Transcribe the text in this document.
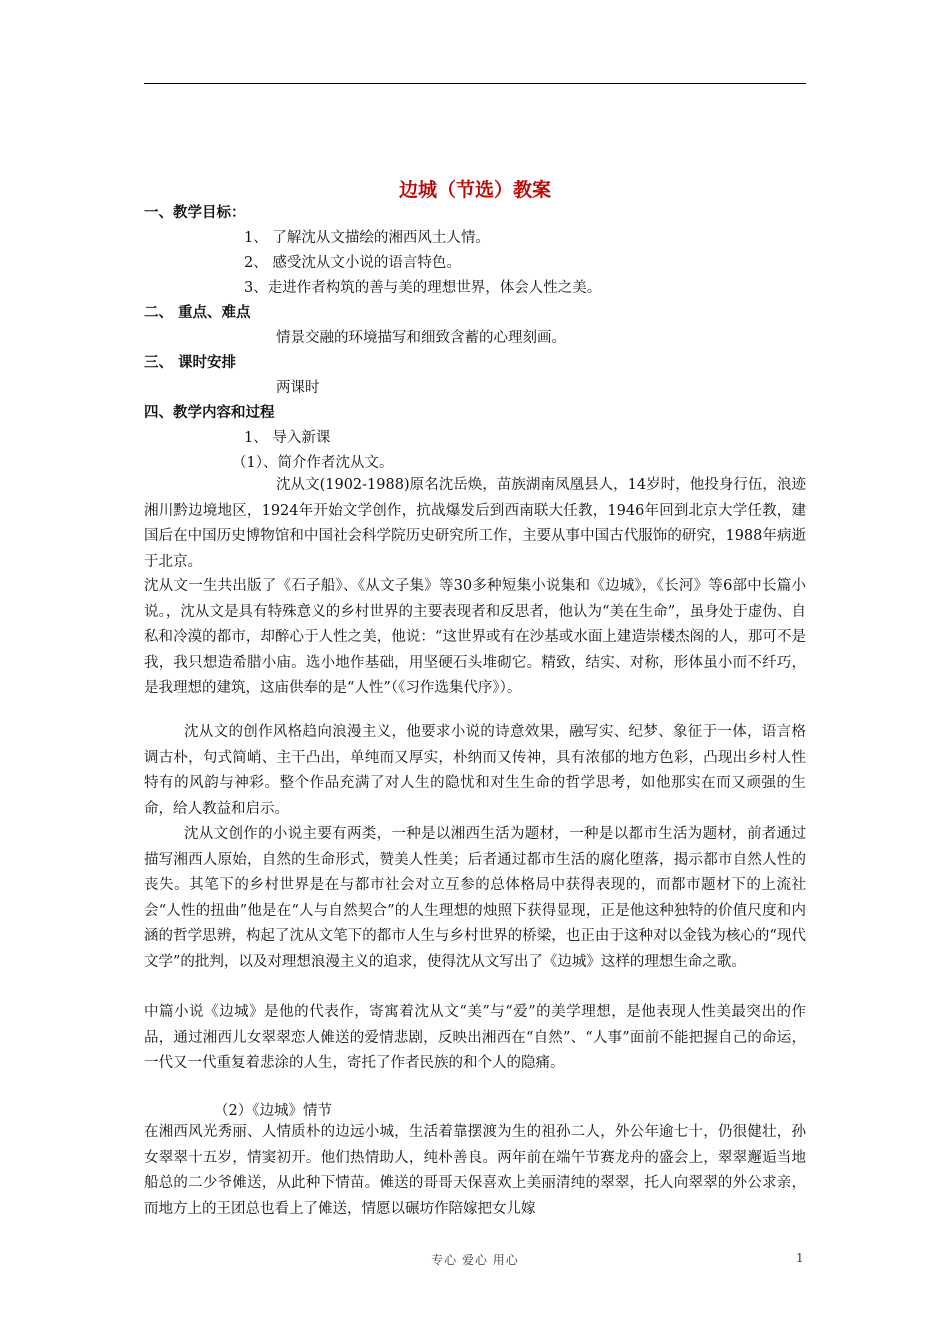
边城（节选）教案
一、教学目标：
1、 了解沈从文描绘的湘西风土人情。
2、 感受沈从文小说的语言特色。
3、走进作者构筑的善与美的理想世界，体会人性之美。
二、 重点、难点
情景交融的环境描写和细致含蓄的心理刻画。
三、 课时安排
两课时
四、教学内容和过程
1、 导入新课
（1）、简介作者沈从文。
沈从文(1902-1988)原名沈岳焕，苗族湖南凤凰县人，14岁时，他投身行伍，浪迹湘川黔边境地区，1924年开始文学创作，抗战爆发后到西南联大任教，1946年回到北京大学任教，建国后在中国历史博物馆和中国社会科学院历史研究所工作，主要从事中国古代服饰的研究，1988年病逝于北京。
沈从文一生共出版了《石子船》、《从文子集》等30多种短集小说集和《边城》，《长河》等6部中长篇小说。，沈从文是具有特殊意义的乡村世界的主要表现者和反思者，他认为“美在生命”，虽身处于虚伪、自私和冷漠的都市，却醉心于人性之美，他说：“这世界或有在沙基或水面上建造崇楼杰阁的人，那可不是我，我只想造希腊小庙。选小地作基础，用坚硬石头堆砌它。精致，结实、对称，形体虽小而不纤巧，是我理想的建筑，这庙供奉的是“人性”（《习作选集代序》）。
沈从文的创作风格趋向浪漫主义，他要求小说的诗意效果，融写实、纪梦、象征于一体，语言格调古朴，句式简峭、主干凸出，单纯而又厚实，朴纳而又传神，具有浓郁的地方色彩，凸现出乡村人性特有的风韵与神彩。整个作品充满了对人生的隐忧和对生生命的哲学思考，如他那实在而又顽强的生命，给人教益和启示。
沈从文创作的小说主要有两类，一种是以湘西生活为题材，一种是以都市生活为题材，前者通过描写湘西人原始，自然的生命形式，赞美人性美；后者通过都市生活的腐化堕落，揭示都市自然人性的丧失。其笔下的乡村世界是在与都市社会对立互参的总体格局中获得表现的，而都市题材下的上流社会“人性的扭曲”他是在“人与自然契合”的人生理想的烛照下获得显现，正是他这种独特的价值尺度和内涵的哲学思辨，构起了沈从文笔下的都市人生与乡村世界的桥梁，也正由于这种对以金钱为核心的“现代文学”的批判，以及对理想浪漫主义的追求，使得沈从文写出了《边城》这样的理想生命之歌。
中篇小说《边城》是他的代表作，寄寓着沈从文“美”与“爱”的美学理想，是他表现人性美最突出的作品，通过湘西儿女翠翠恋人傩送的爱情悲剧，反映出湘西在“自然”、“人事”面前不能把握自己的命运，一代又一代重复着悲涂的人生，寄托了作者民族的和个人的隐痛。
（2）《边城》情节
在湘西风光秀丽、人情质朴的边远小城，生活着靠摆渡为生的祖孙二人，外公年逾七十，仍很健壮，孙女翠翠十五岁，情窦初开。他们热情助人，纯朴善良。两年前在端午节赛龙舟的盛会上，翠翠邂逅当地船总的二少爷傩送，从此种下情苗。傩送的哥哥天保喜欢上美丽清纯的翠翠，托人向翠翠的外公求亲，而地方上的王团总也看上了傩送，情愿以碾坊作陪嫁把女儿嫁
专心 爱心 用心	1
